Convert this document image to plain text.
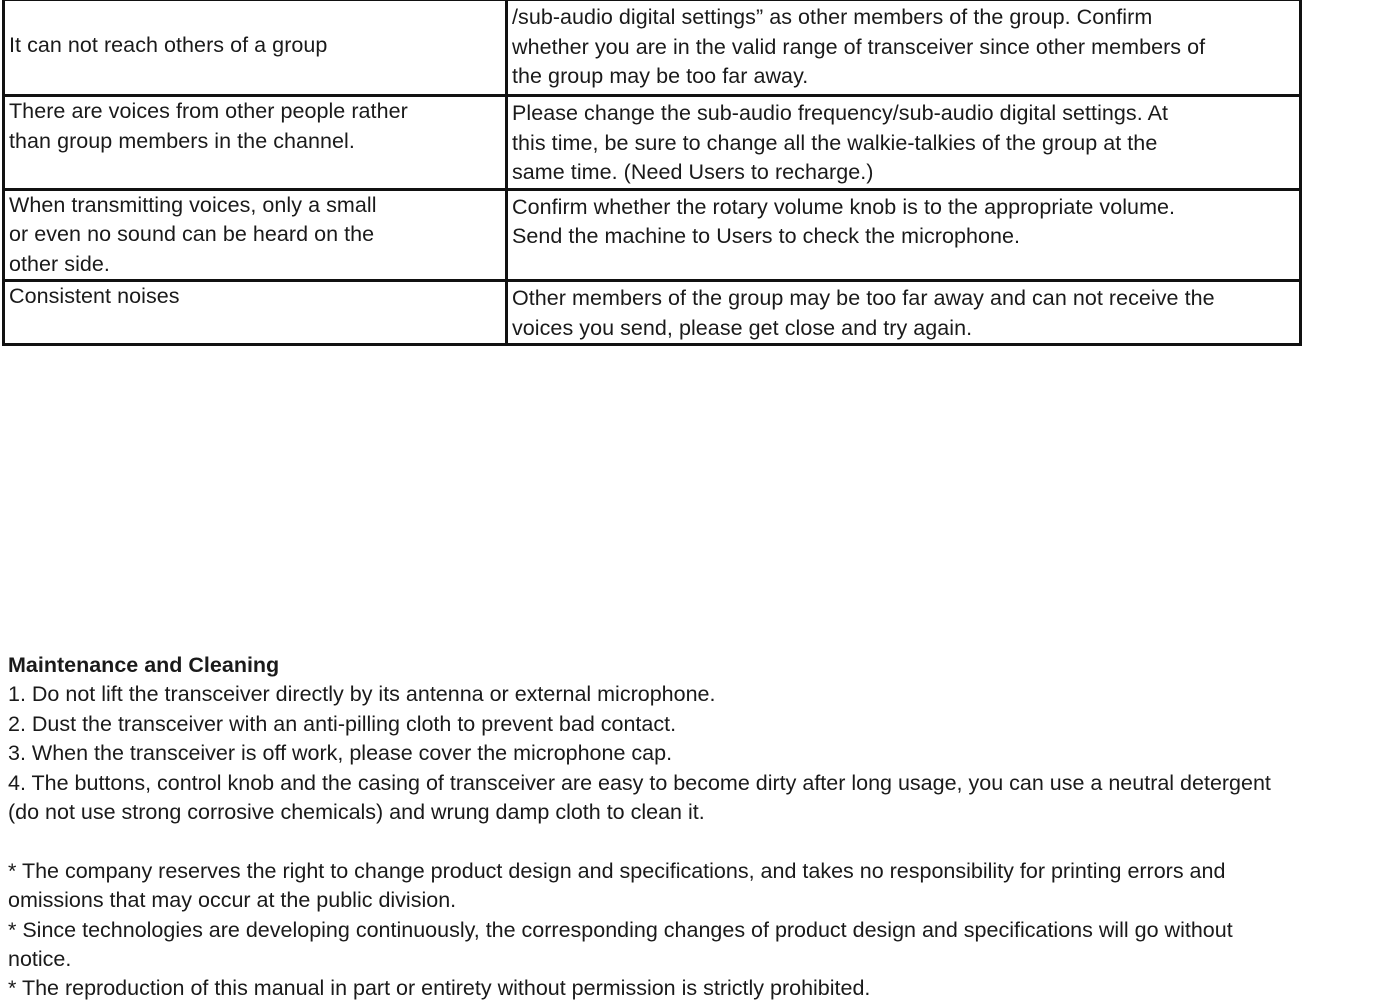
It can not reach others of a group	/sub-audio digital settings” as other members of the group. Confirm
whether you are in the valid range of transceiver since other members of
the group may be too far away.
There are voices from other people rather
than group members in the channel.	Please change the sub-audio frequency/sub-audio digital settings. At
this time, be sure to change all the walkie-talkies of the group at the
same time. (Need Users to recharge.)
When transmitting voices, only a small
or even no sound can be heard on the
other side.	Confirm whether the rotary volume knob is to the appropriate volume.
Send the machine to Users to check the microphone.
Consistent noises	Other members of the group may be too far away and can not receive the
voices you send, please get close and try again.

Maintenance and Cleaning

1. Do not lift the transceiver directly by its antenna or external microphone.

2. Dust the transceiver with an anti-pilling cloth to prevent bad contact.

3. When the transceiver is off work, please cover the microphone cap.

4. The buttons, control knob and the casing of transceiver are easy to become dirty after long usage, you can use a neutral detergent

(do not use strong corrosive chemicals) and wrung damp cloth to clean it.

* The company reserves the right to change product design and specifications, and takes no responsibility for printing errors and

omissions that may occur at the public division.

* Since technologies are developing continuously, the corresponding changes of product design and specifications will go without

notice.

* The reproduction of this manual in part or entirety without permission is strictly prohibited.
